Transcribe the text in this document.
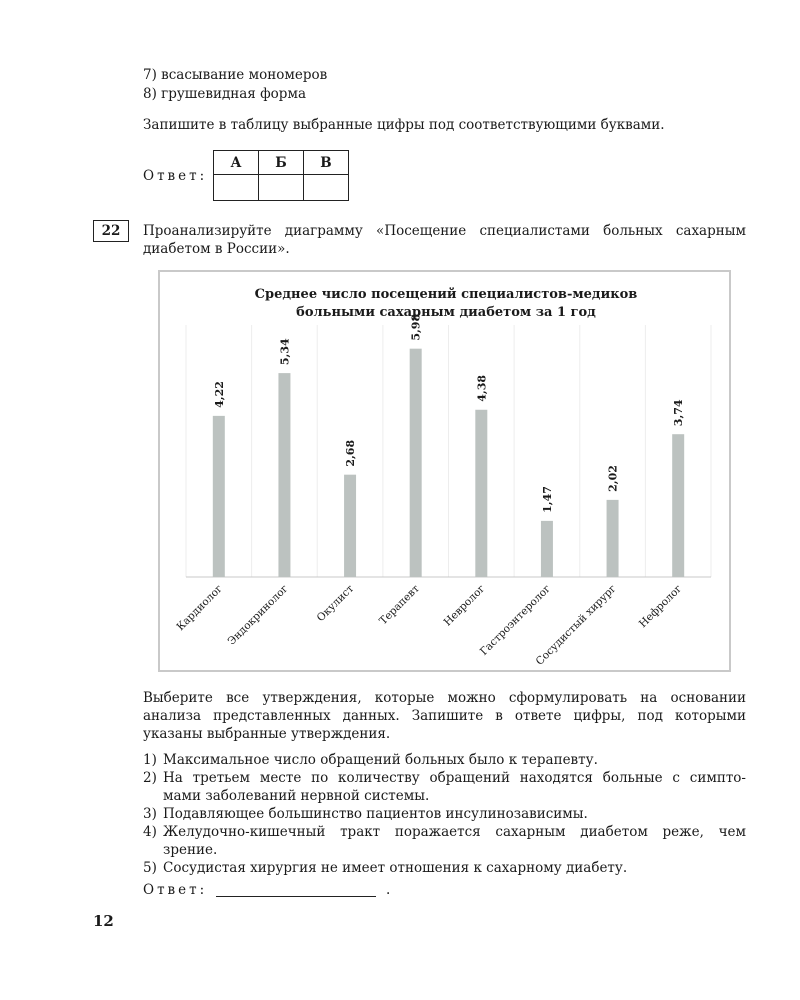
7) всасывание мономеров
8) грушевидная форма
Запишите в таблицу выбранные цифры под соответствующими буквами.
Ответ:
А	Б	В

22	Проанализируйте диаграмму «Посещение специалистами больных сахарным
диабетом в России».
Среднее число посещений специалистов-медиков
больными сахарным диабетом за 1 год
4,22
Кардиолог
5,34
Эндокринолог
2,68
Окулист
5,98
Терапевт
4,38
Невролог
1,47
Гастроэнтеролог
2,02
Сосудистый хирург
3,74
Нефролог
Выберите все утверждения, которые можно сформулировать на основании
анализа представленных данных. Запишите в ответе цифры, под которыми
указаны выбранные утверждения.
1) Максимальное число обращений больных было к терапевту.
2) На третьем месте по количеству обращений находятся больные с симпто-
мами заболеваний нервной системы.
3) Подавляющее большинство пациентов инсулинозависимы.
4) Желудочно-кишечный тракт поражается сахарным диабетом реже, чем
зрение.
5) Сосудистая хирургия не имеет отношения к сахарному диабету.
Ответ:	.
12
